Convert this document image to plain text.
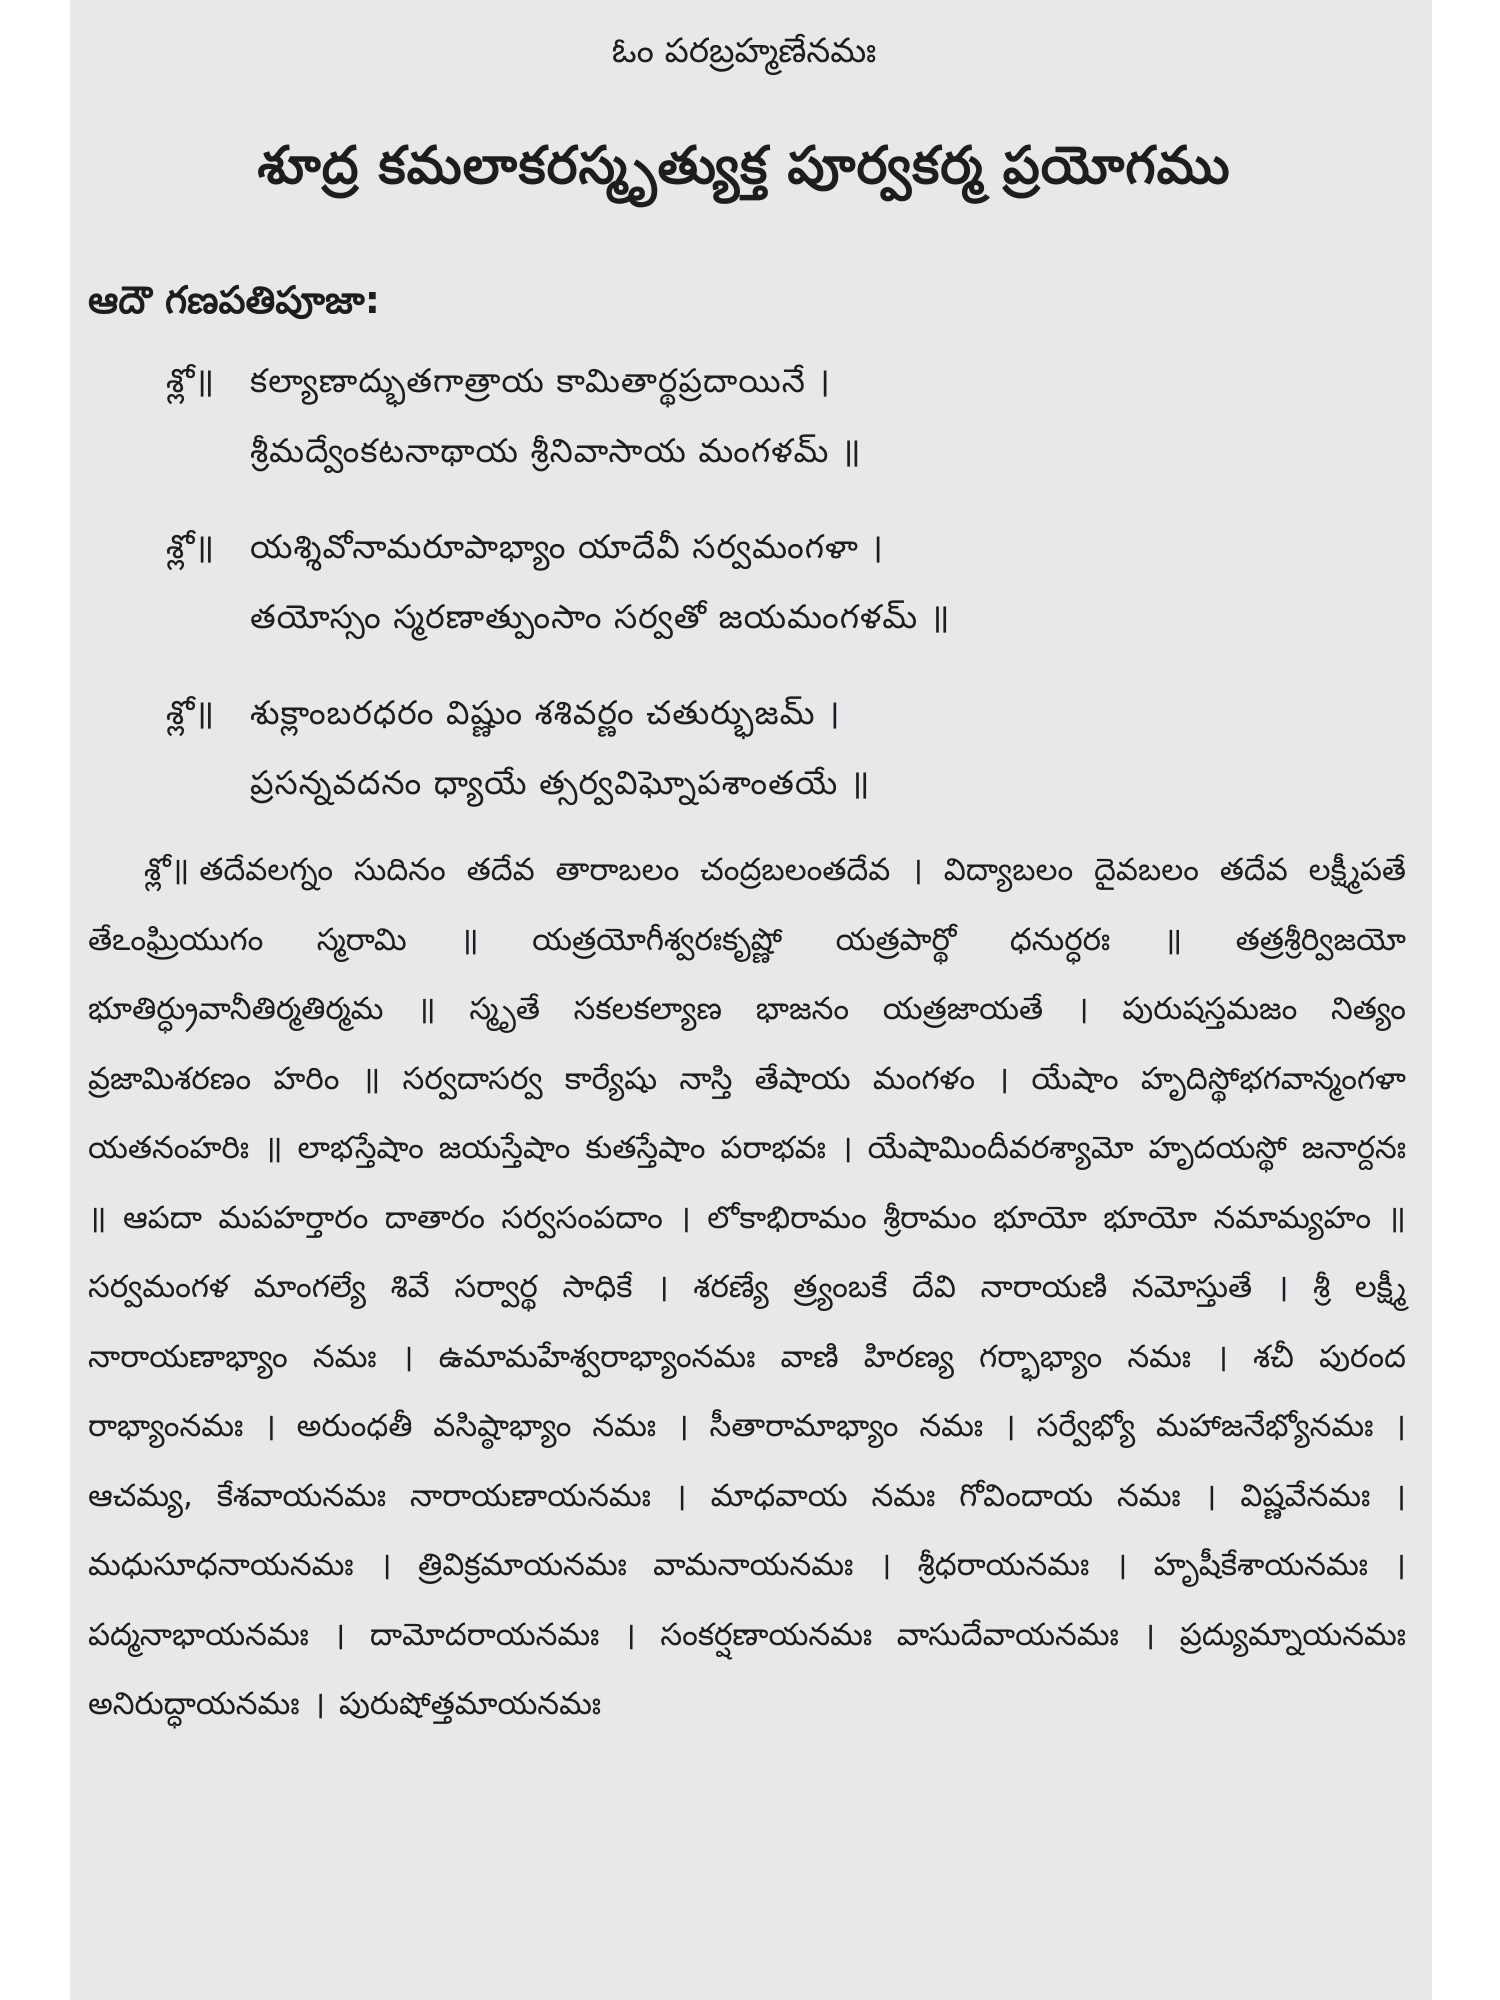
ఓం పరబ్రహ్మణేనమః
శూద్ర కమలాకరస్మృత్యుక్త పూర్వకర్మ ప్రయోగము
ఆదౌ గణపతిపూజా:
శ్లో॥	కల్యాణాద్భుతగాత్రాయ కామితార్థప్రదాయినే ।
శ్రీమద్వేంకటనాథాయ శ్రీనివాసాయ మంగళమ్ ॥
శ్లో॥	యశ్శివోనామరూపాభ్యాం యాదేవీ సర్వమంగళా ।
తయోస్సం స్మరణాత్పుంసాం సర్వతో జయమంగళమ్ ॥
శ్లో॥	శుక్లాంబరధరం విష్ణుం శశివర్ణం చతుర్భుజమ్ ।
ప్రసన్నవదనం ధ్యాయే త్సర్వవిఘ్నోపశాంతయే ॥
శ్లో॥ తదేవలగ్నం సుదినం తదేవ తారాబలం చంద్రబలంతదేవ । విద్యాబలం దైవబలం తదేవ లక్ష్మీపతే తేఽంఘ్రియుగం స్మరామి ॥ యత్రయోగీశ్వరఃకృష్ణో యత్రపార్థో ధనుర్ధరః ॥ తత్రశ్రీర్విజయో భూతిర్ధ్రువానీతిర్మతిర్మమ ॥ స్మృతే సకలకల్యాణ భాజనం యత్రజాయతే । పురుషస్తమజం నిత్యం వ్రజామిశరణం హరిం ॥ సర్వదాసర్వ కార్యేషు నాస్తి తేషాయ మంగళం । యేషాం హృదిస్థోభగవాన్మంగళా యతనంహరిః ॥ లాభస్తేషాం జయస్తేషాం కుతస్తేషాం పరాభవః । యేషామిందీవరశ్యామో హృదయస్థో జనార్దనః ॥ ఆపదా మపహర్తారం దాతారం సర్వసంపదాం । లోకాభిరామం శ్రీరామం భూయో భూయో నమామ్యహం ॥ సర్వమంగళ మాంగల్యే శివే సర్వార్థ సాధికే । శరణ్యే త్ర్యంబకే దేవి నారాయణి నమోస్తుతే । శ్రీ లక్ష్మీ నారాయణాభ్యాం నమః । ఉమామహేశ్వరాభ్యాంనమః వాణి హిరణ్య గర్భాభ్యాం నమః । శచీ పురంద రాభ్యాంనమః । అరుంధతీ వసిష్ఠాభ్యాం నమః । సీతారామాభ్యాం నమః । సర్వేభ్యో మహాజనేభ్యోనమః । ఆచమ్య, కేశవాయనమః నారాయణాయనమః । మాధవాయ నమః గోవిందాయ నమః । విష్ణవేనమః । మధుసూధనాయనమః । త్రివిక్రమాయనమః వామనాయనమః । శ్రీధరాయనమః । హృషీకేశాయనమః । పద్మనాభాయనమః । దామోదరాయనమః । సంకర్షణాయనమః వాసుదేవాయనమః । ప్రద్యుమ్నాయనమః అనిరుద్ధాయనమః । పురుషోత్తమాయనమః
